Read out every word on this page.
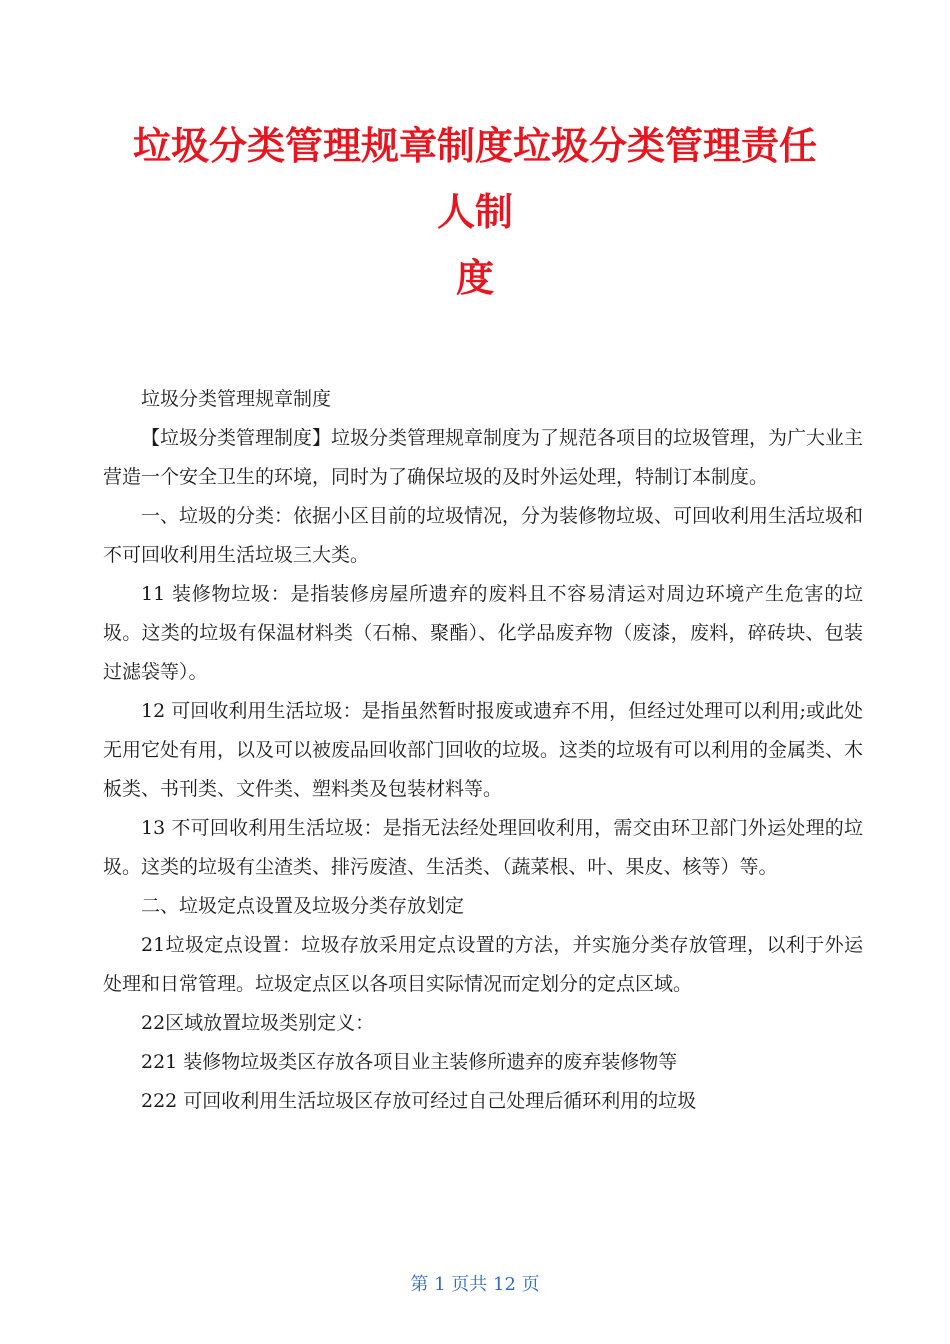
垃圾分类管理规章制度垃圾分类管理责任
人制
度

垃圾分类管理规章制度

【垃圾分类管理制度】垃圾分类管理规章制度为了规范各项目的垃圾管理，为广大业主营造一个安全卫生的环境，同时为了确保垃圾的及时外运处理，特制订本制度。

一、垃圾的分类：依据小区目前的垃圾情况，分为装修物垃圾、可回收利用生活垃圾和不可回收利用生活垃圾三大类。

11 装修物垃圾：是指装修房屋所遗弃的废料且不容易清运对周边环境产生危害的垃圾。这类的垃圾有保温材料类（石棉、聚酯）、化学品废弃物（废漆，废料，碎砖块、包装过滤袋等）。

12 可回收利用生活垃圾：是指虽然暂时报废或遗弃不用，但经过处理可以利用;或此处无用它处有用，以及可以被废品回收部门回收的垃圾。这类的垃圾有可以利用的金属类、木板类、书刊类、文件类、塑料类及包装材料等。

13 不可回收利用生活垃圾：是指无法经处理回收利用，需交由环卫部门外运处理的垃圾。这类的垃圾有尘渣类、排污废渣、生活类、（蔬菜根、叶、果皮、核等）等。

二、垃圾定点设置及垃圾分类存放划定

21垃圾定点设置：垃圾存放采用定点设置的方法，并实施分类存放管理，以利于外运处理和日常管理。垃圾定点区以各项目实际情况而定划分的定点区域。

22区域放置垃圾类别定义：

221 装修物垃圾类区存放各项目业主装修所遗弃的废弃装修物等

222 可回收利用生活垃圾区存放可经过自己处理后循环利用的垃圾

第 1 页共 12 页
